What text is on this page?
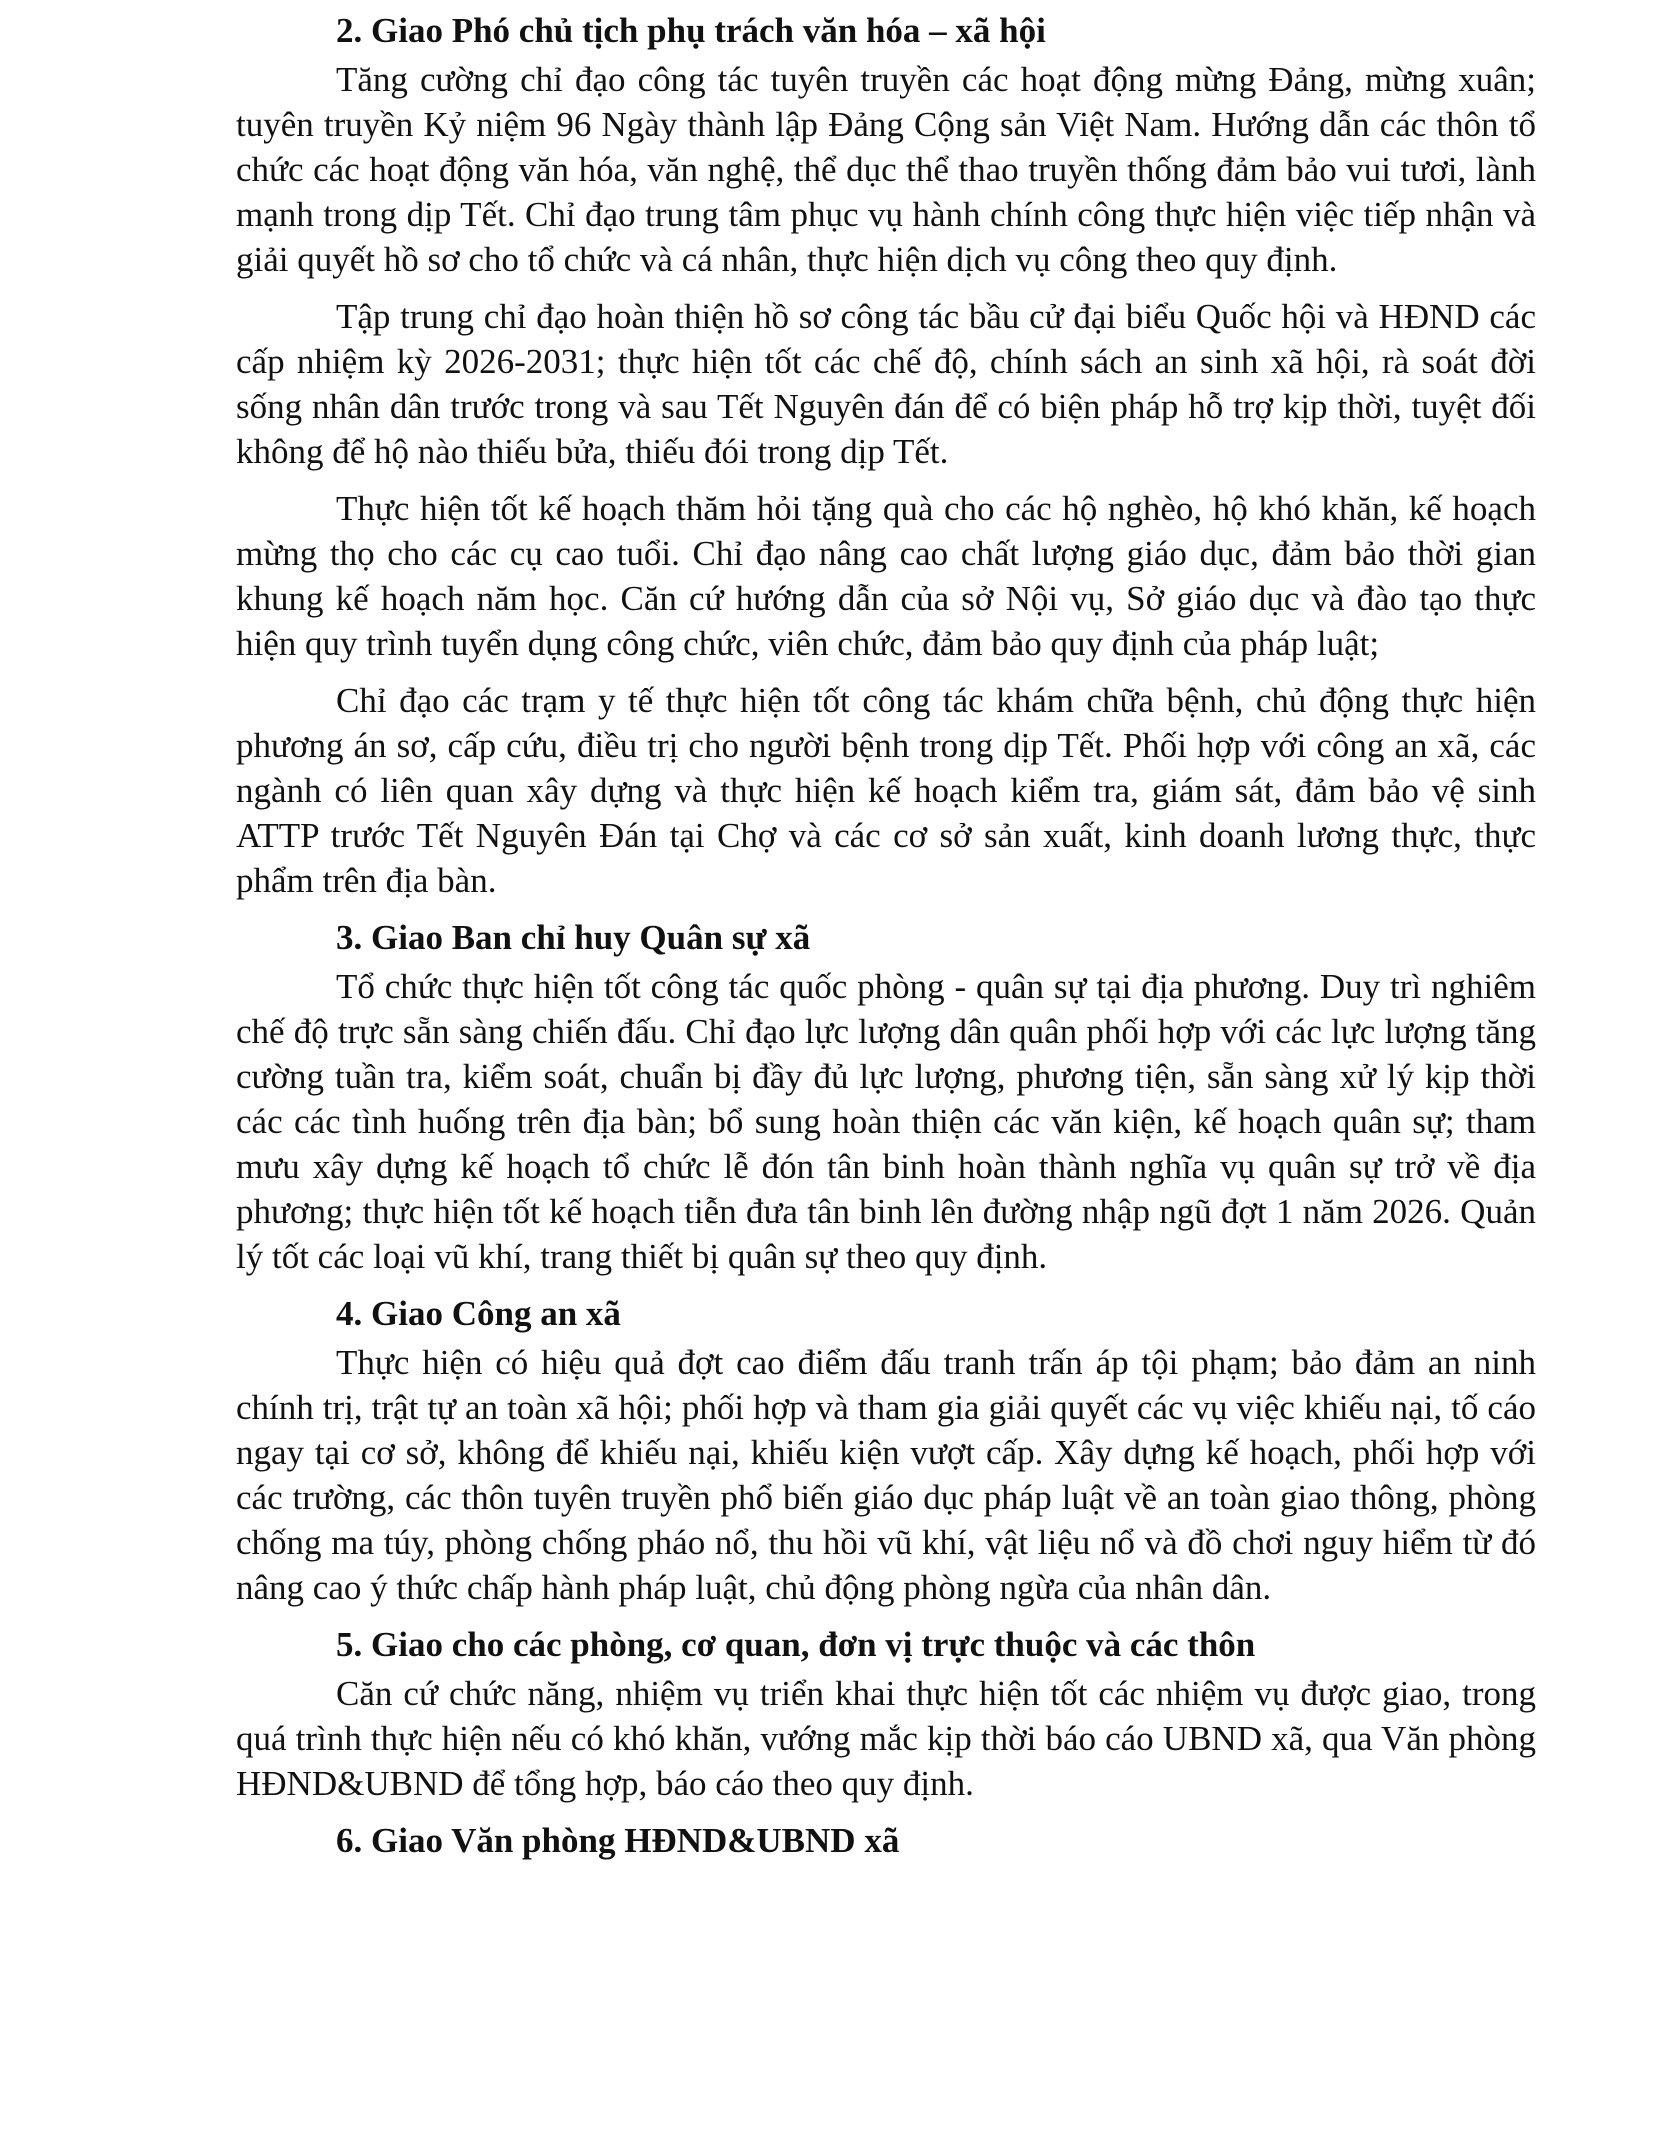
2. Giao Phó chủ tịch phụ trách văn hóa – xã hội

Tăng cường chỉ đạo công tác tuyên truyền các hoạt động mừng Đảng, mừng xuân; tuyên truyền Kỷ niệm 96 Ngày thành lập Đảng Cộng sản Việt Nam. Hướng dẫn các thôn tổ chức các hoạt động văn hóa, văn nghệ, thể dục thể thao truyền thống đảm bảo vui tươi, lành mạnh trong dịp Tết. Chỉ đạo trung tâm phục vụ hành chính công thực hiện việc tiếp nhận và giải quyết hồ sơ cho tổ chức và cá nhân, thực hiện dịch vụ công theo quy định.

Tập trung chỉ đạo hoàn thiện hồ sơ công tác bầu cử đại biểu Quốc hội và HĐND các cấp nhiệm kỳ 2026-2031; thực hiện tốt các chế độ, chính sách an sinh xã hội, rà soát đời sống nhân dân trước trong và sau Tết Nguyên đán để có biện pháp hỗ trợ kịp thời, tuyệt đối không để hộ nào thiếu bửa, thiếu đói trong dịp Tết.

Thực hiện tốt kế hoạch thăm hỏi tặng quà cho các hộ nghèo, hộ khó khăn, kế hoạch mừng thọ cho các cụ cao tuổi. Chỉ đạo nâng cao chất lượng giáo dục, đảm bảo thời gian khung kế hoạch năm học. Căn cứ hướng dẫn của sở Nội vụ, Sở giáo dục và đào tạo thực hiện quy trình tuyển dụng công chức, viên chức, đảm bảo quy định của pháp luật;

Chỉ đạo các trạm y tế thực hiện tốt công tác khám chữa bệnh, chủ động thực hiện phương án sơ, cấp cứu, điều trị cho người bệnh trong dịp Tết. Phối hợp với công an xã, các ngành có liên quan xây dựng và thực hiện kế hoạch kiểm tra, giám sát, đảm bảo vệ sinh ATTP trước Tết Nguyên Đán tại Chợ và các cơ sở sản xuất, kinh doanh lương thực, thực phẩm trên địa bàn.

3. Giao Ban chỉ huy Quân sự xã

Tổ chức thực hiện tốt công tác quốc phòng - quân sự tại địa phương. Duy trì nghiêm chế độ trực sẵn sàng chiến đấu. Chỉ đạo lực lượng dân quân phối hợp với các lực lượng tăng cường tuần tra, kiểm soát, chuẩn bị đầy đủ lực lượng, phương tiện, sẵn sàng xử lý kịp thời các các tình huống trên địa bàn; bổ sung hoàn thiện các văn kiện, kế hoạch quân sự; tham mưu xây dựng kế hoạch tổ chức lễ đón tân binh hoàn thành nghĩa vụ quân sự trở về địa phương; thực hiện tốt kế hoạch tiễn đưa tân binh lên đường nhập ngũ đợt 1 năm 2026. Quản lý tốt các loại vũ khí, trang thiết bị quân sự theo quy định.

4. Giao Công an xã

Thực hiện có hiệu quả đợt cao điểm đấu tranh trấn áp tội phạm; bảo đảm an ninh chính trị, trật tự an toàn xã hội; phối hợp và tham gia giải quyết các vụ việc khiếu nại, tố cáo ngay tại cơ sở, không để khiếu nại, khiếu kiện vượt cấp. Xây dựng kế hoạch, phối hợp với các trường, các thôn tuyên truyền phổ biến giáo dục pháp luật về an toàn giao thông, phòng chống ma túy, phòng chống pháo nổ, thu hồi vũ khí, vật liệu nổ và đồ chơi nguy hiểm từ đó nâng cao ý thức chấp hành pháp luật, chủ động phòng ngừa của nhân dân.

5. Giao cho các phòng, cơ quan, đơn vị trực thuộc và các thôn

Căn cứ chức năng, nhiệm vụ triển khai thực hiện tốt các nhiệm vụ được giao, trong quá trình thực hiện nếu có khó khăn, vướng mắc kịp thời báo cáo UBND xã, qua Văn phòng HĐND&UBND để tổng hợp, báo cáo theo quy định.

6. Giao Văn phòng HĐND&UBND xã
